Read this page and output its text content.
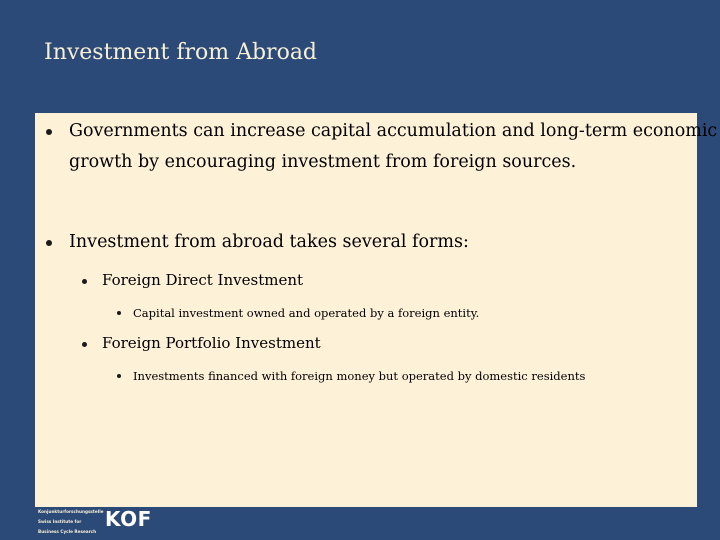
Investment from Abroad
Governments can increase capital accumulation and long-term economic
growth by encouraging investment from foreign sources.
Investment from abroad takes several forms:
Foreign Direct Investment
Capital investment owned and operated by a foreign entity.
Foreign Portfolio Investment
Investments financed with foreign money but operated by domestic residents
Konjunkturforschungsstelle
Swiss Institute for
Business Cycle Research
KOF
